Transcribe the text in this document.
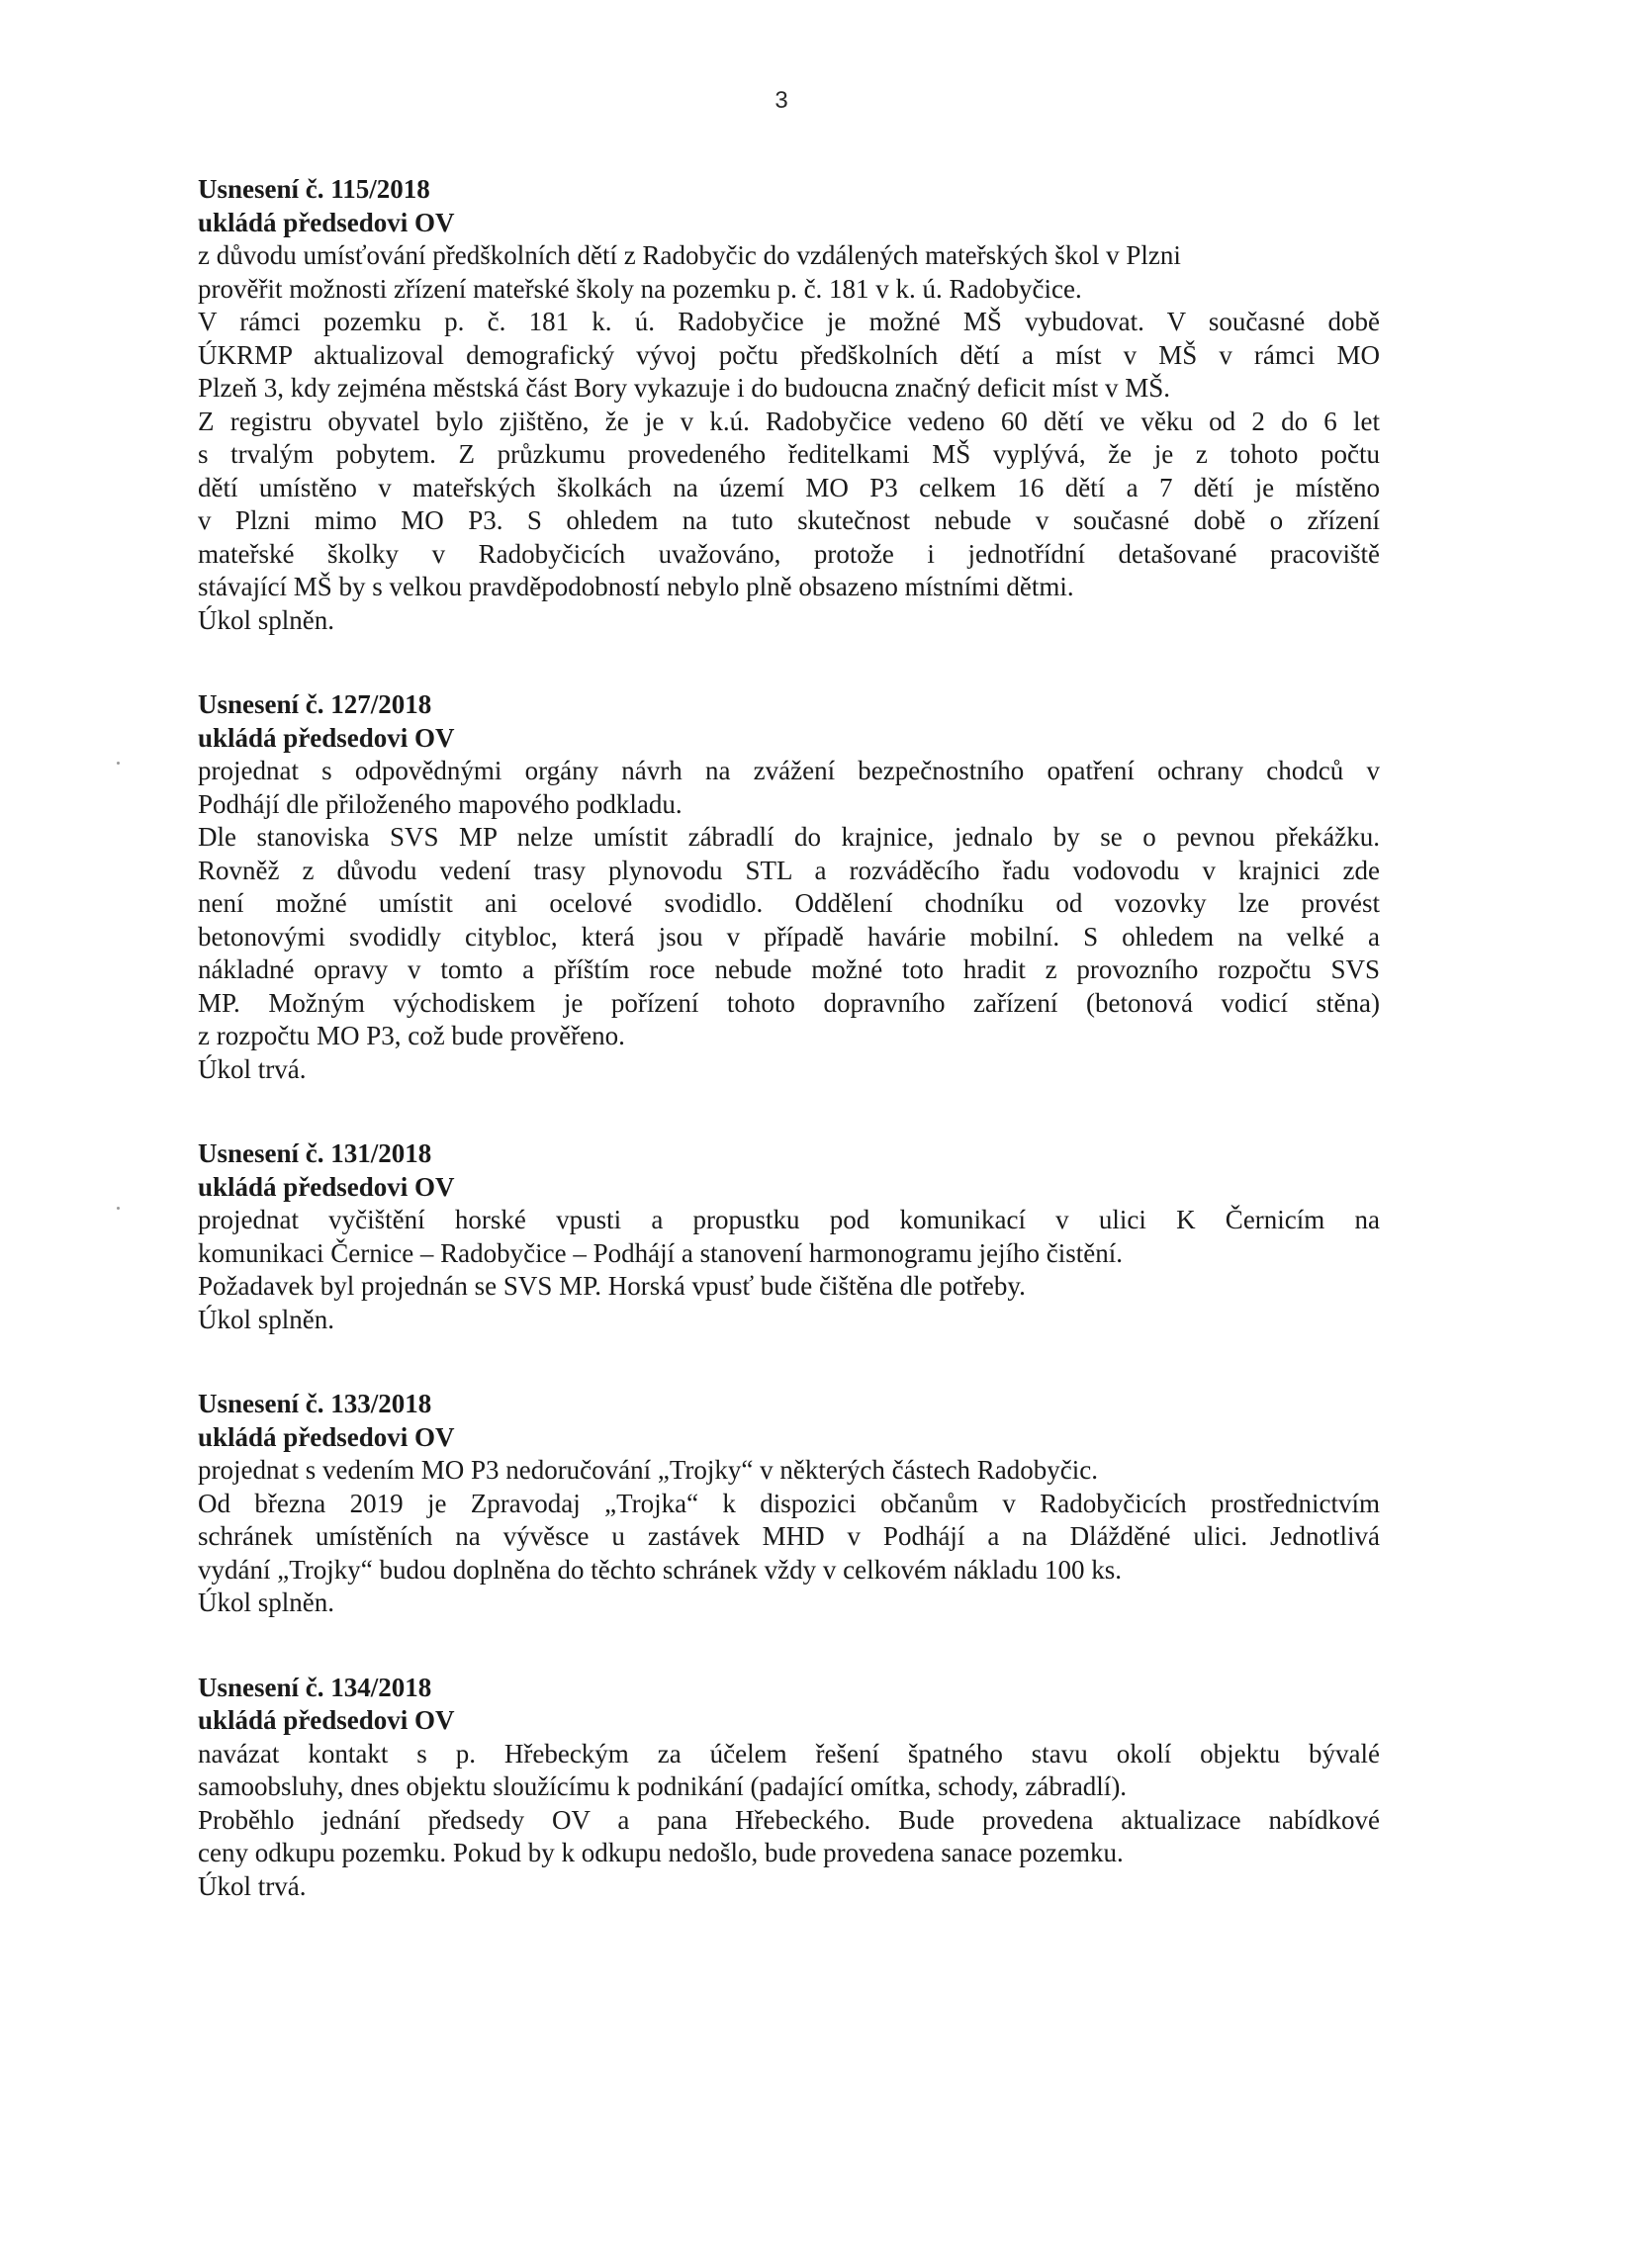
3

Usnesení č. 115/2018

ukládá předsedovi OV

z důvodu umísťování předškolních dětí z Radobyčic do vzdálených mateřských škol v Plzni

prověřit možnosti zřízení mateřské školy na pozemku p. č. 181 v k. ú. Radobyčice.

V rámci pozemku p. č. 181 k. ú. Radobyčice je možné MŠ vybudovat. V současné době

ÚKRMP aktualizoval demografický vývoj počtu předškolních dětí a míst v MŠ v rámci MO

Plzeň 3, kdy zejména městská část Bory vykazuje i do budoucna značný deficit míst v MŠ.

Z registru obyvatel bylo zjištěno, že je v k.ú. Radobyčice vedeno 60 dětí ve věku od 2 do 6 let

s trvalým pobytem. Z průzkumu provedeného ředitelkami MŠ vyplývá, že je z tohoto počtu

dětí umístěno v mateřských školkách na území MO P3 celkem 16 dětí a 7 dětí je místěno

v Plzni mimo MO P3. S ohledem na tuto skutečnost nebude v současné době o zřízení

mateřské školky v Radobyčicích uvažováno, protože i jednotřídní detašované pracoviště

stávající MŠ by s velkou pravděpodobností nebylo plně obsazeno místními dětmi.

Úkol splněn.

Usnesení č. 127/2018

ukládá předsedovi OV

projednat s odpovědnými orgány návrh na zvážení bezpečnostního opatření ochrany chodců v

Podhájí dle přiloženého mapového podkladu.

Dle stanoviska SVS MP nelze umístit zábradlí do krajnice, jednalo by se o pevnou překážku.

Rovněž z důvodu vedení trasy plynovodu STL a rozváděcího řadu vodovodu v krajnici zde

není možné umístit ani ocelové svodidlo. Oddělení chodníku od vozovky lze provést

betonovými svodidly citybloc, která jsou v případě havárie mobilní. S ohledem na velké a

nákladné opravy v tomto a příštím roce nebude možné toto hradit z provozního rozpočtu SVS

MP. Možným východiskem je pořízení tohoto dopravního zařízení (betonová vodicí stěna)

z rozpočtu MO P3, což bude prověřeno.

Úkol trvá.

Usnesení č. 131/2018

ukládá předsedovi OV

projednat vyčištění horské vpusti a propustku pod komunikací v ulici K Černicím na

komunikaci Černice – Radobyčice – Podhájí a stanovení harmonogramu jejího čistění.

Požadavek byl projednán se SVS MP. Horská vpusť bude čištěna dle potřeby.

Úkol splněn.

Usnesení č. 133/2018

ukládá předsedovi OV

projednat s vedením MO P3 nedoručování „Trojky“ v některých částech Radobyčic.

Od března 2019 je Zpravodaj „Trojka“ k dispozici občanům v Radobyčicích prostřednictvím

schránek umístěních na vývěsce u zastávek MHD v Podhájí a na Dlážděné ulici. Jednotlivá

vydání „Trojky“ budou doplněna do těchto schránek vždy v celkovém nákladu 100 ks.

Úkol splněn.

Usnesení č. 134/2018

ukládá předsedovi OV

navázat kontakt s p. Hřebeckým za účelem řešení špatného stavu okolí objektu bývalé

samoobsluhy, dnes objektu sloužícímu k podnikání (padající omítka, schody, zábradlí).

Proběhlo jednání předsedy OV a pana Hřebeckého. Bude provedena aktualizace nabídkové

ceny odkupu pozemku. Pokud by k odkupu nedošlo, bude provedena sanace pozemku.

Úkol trvá.
